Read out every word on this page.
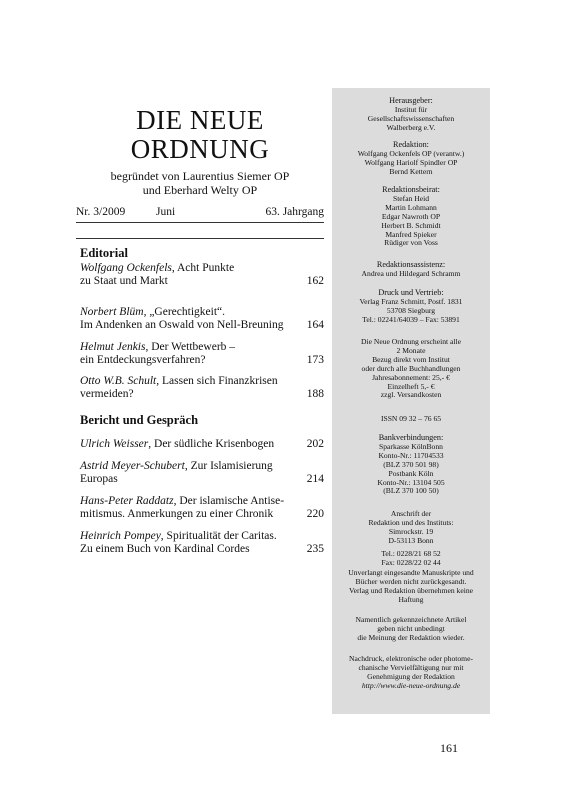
DIE NEUE
ORDNUNG
begründet von Laurentius Siemer OP
und Eberhard Welty OP
Nr. 3/2009	Juni	63. Jahrgang
Editorial
Wolfgang Ockenfels, Acht Punkte
zu Staat und Markt	162
Norbert Blüm, „Gerechtigkeit“.
Im Andenken an Oswald von Nell-Breuning	164
Helmut Jenkis, Der Wettbewerb –
ein Entdeckungsverfahren?	173
Otto W.B. Schult, Lassen sich Finanzkrisen
vermeiden?	188
Bericht und Gespräch
Ulrich Weisser, Der südliche Krisenbogen	202
Astrid Meyer-Schubert, Zur Islamisierung
Europas	214
Hans-Peter Raddatz, Der islamische Antise-
mitismus. Anmerkungen zu einer Chronik	220
Heinrich Pompey, Spiritualität der Caritas.
Zu einem Buch von Kardinal Cordes	235
Herausgeber:
Institut für
Gesellschaftswissenschaften
Walberberg e.V.
Redaktion:
Wolfgang Ockenfels OP (verantw.)
Wolfgang Hariolf Spindler OP
Bernd Kettern
Redaktionsbeirat:
Stefan Heid
Martin Lohmann
Edgar Nawroth OP
Herbert B. Schmidt
Manfred Spieker
Rüdiger von Voss
Redaktionsassistenz:
Andrea und Hildegard Schramm
Druck und Vertrieb:
Verlag Franz Schmitt, Postf. 1831
53708 Siegburg
Tel.: 02241/64039 – Fax: 53891
Die Neue Ordnung erscheint alle
2 Monate
Bezug direkt vom Institut
oder durch alle Buchhandlungen
Jahresabonnement: 25,- €
Einzelheft 5,- €
zzgl. Versandkosten
ISSN 09 32 – 76 65
Bankverbindungen:
Sparkasse KölnBonn
Konto-Nr.: 11704533
(BLZ 370 501 98)
Postbank Köln
Konto-Nr.: 13104 505
(BLZ 370 100 50)
Anschrift der
Redaktion und des Instituts:
Simrockstr. 19
D-53113 Bonn
Tel.: 0228/21 68 52
Fax: 0228/22 02 44
Unverlangt eingesandte Manuskripte und
Bücher werden nicht zurückgesandt.
Verlag und Redaktion übernehmen keine
Haftung
Namentlich gekennzeichnete Artikel
geben nicht unbedingt
die Meinung der Redaktion wieder.
Nachdruck, elektronische oder photome-
chanische Vervielfältigung nur mit
Genehmigung der Redaktion
http://www.die-neue-ordnung.de
161
